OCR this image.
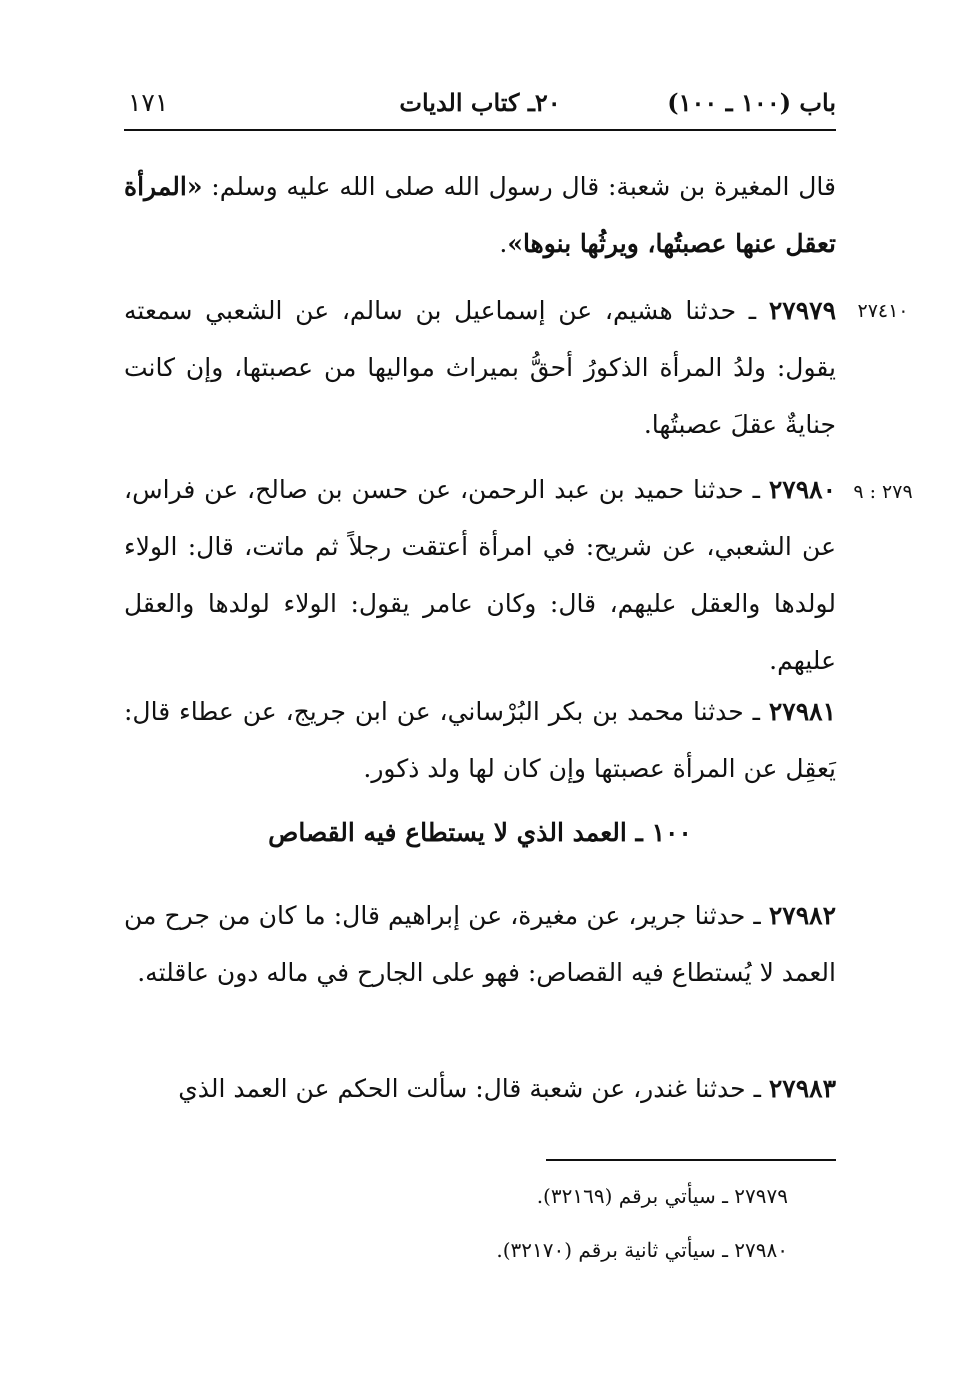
باب (١٠٠ ـ ١٠٠)
٢٠ـ كتاب الديات
١٧١
قال المغيرة بن شعبة: قال رسول الله صلى الله عليه وسلم: «المرأة تعقل عنها عصبتُها، ويرثُها بنوها».
٢٧٤١٠
٢٧٩٧٩ ـ حدثنا هشيم، عن إسماعيل بن سالم، عن الشعبي سمعته يقول: ولدُ المرأة الذكورُ أحقُّ بميراث مواليها من عصبتها، وإن كانت جنايةٌ عقلَ عصبتُها.
٢٧٩ : ٩
٢٧٩٨٠ ـ حدثنا حميد بن عبد الرحمن، عن حسن بن صالح، عن فراس، عن الشعبي، عن شريح: في امرأة أعتقت رجلاً ثم ماتت، قال: الولاء لولدها والعقل عليهم، قال: وكان عامر يقول: الولاء لولدها والعقل عليهم.
٢٧٩٨١ ـ حدثنا محمد بن بكر البُرْساني، عن ابن جريج، عن عطاء قال: يَعقِل عن المرأة عصبتها وإن كان لها ولد ذكور.
١٠٠ ـ العمد الذي لا يستطاع فيه القصاص
٢٧٩٨٢ ـ حدثنا جرير، عن مغيرة، عن إبراهيم قال: ما كان من جرح من العمد لا يُستطاع فيه القصاص: فهو على الجارح في ماله دون عاقلته.
٢٧٩٨٣ ـ حدثنا غندر، عن شعبة قال: سألت الحكم عن العمد الذي
٢٧٩٧٩ ـ سيأتي برقم (٣٢١٦٩).
٢٧٩٨٠ ـ سيأتي ثانية برقم (٣٢١٧٠).
